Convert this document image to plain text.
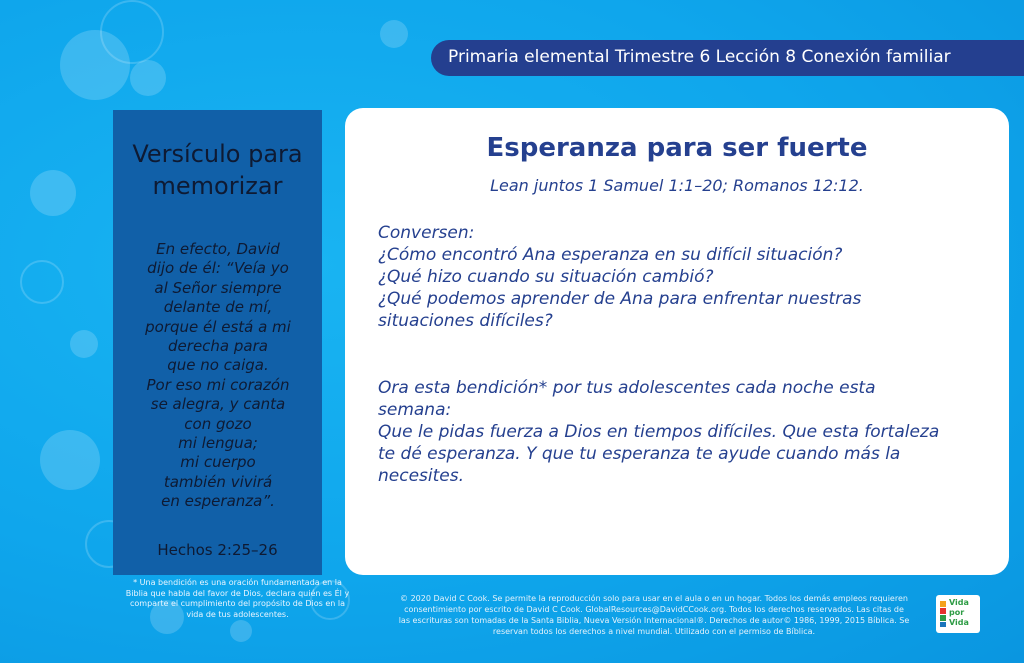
Primaria elemental Trimestre 6 Lección 8 Conexión familiar
Versículo para memorizar
En efecto, David
dijo de él: “Veía yo
al Señor siempre
delante de mí,
porque él está a mi
derecha para
que no caiga.
Por eso mi corazón
se alegra, y canta
con gozo
mi lengua;
mi cuerpo
también vivirá
en esperanza”.
Hechos 2:25–26
* Una bendición es una oración fundamentada en la
Biblia que habla del favor de Dios, declara quién es Él y
comparte el cumplimiento del propósito de Dios en la
vida de tus adolescentes.
Esperanza para ser fuerte
Lean juntos 1 Samuel 1:1–20; Romanos 12:12.
Conversen:
¿Cómo encontró Ana esperanza en su difícil situación?
¿Qué hizo cuando su situación cambió?
¿Qué podemos aprender de Ana para enfrentar nuestras
situaciones difíciles?
Ora esta bendición* por tus adolescentes cada noche esta
semana:
Que le pidas fuerza a Dios en tiempos difíciles. Que esta fortaleza
te dé esperanza. Y que tu esperanza te ayude cuando más la
necesites.
© 2020 David C Cook. Se permite la reproducción solo para usar en el aula o en un hogar. Todos los demás empleos requieren
consentimiento por escrito de David C Cook. GlobalResources@DavidCCook.org. Todos los derechos reservados. Las citas de
las escrituras son tomadas de la Santa Biblia, Nueva Versión Internacional®. Derechos de autor© 1986, 1999, 2015 Bíblica. Se
reservan todos los derechos a nivel mundial. Utilizado con el permiso de Bíblica.
Vida
por
Vida
